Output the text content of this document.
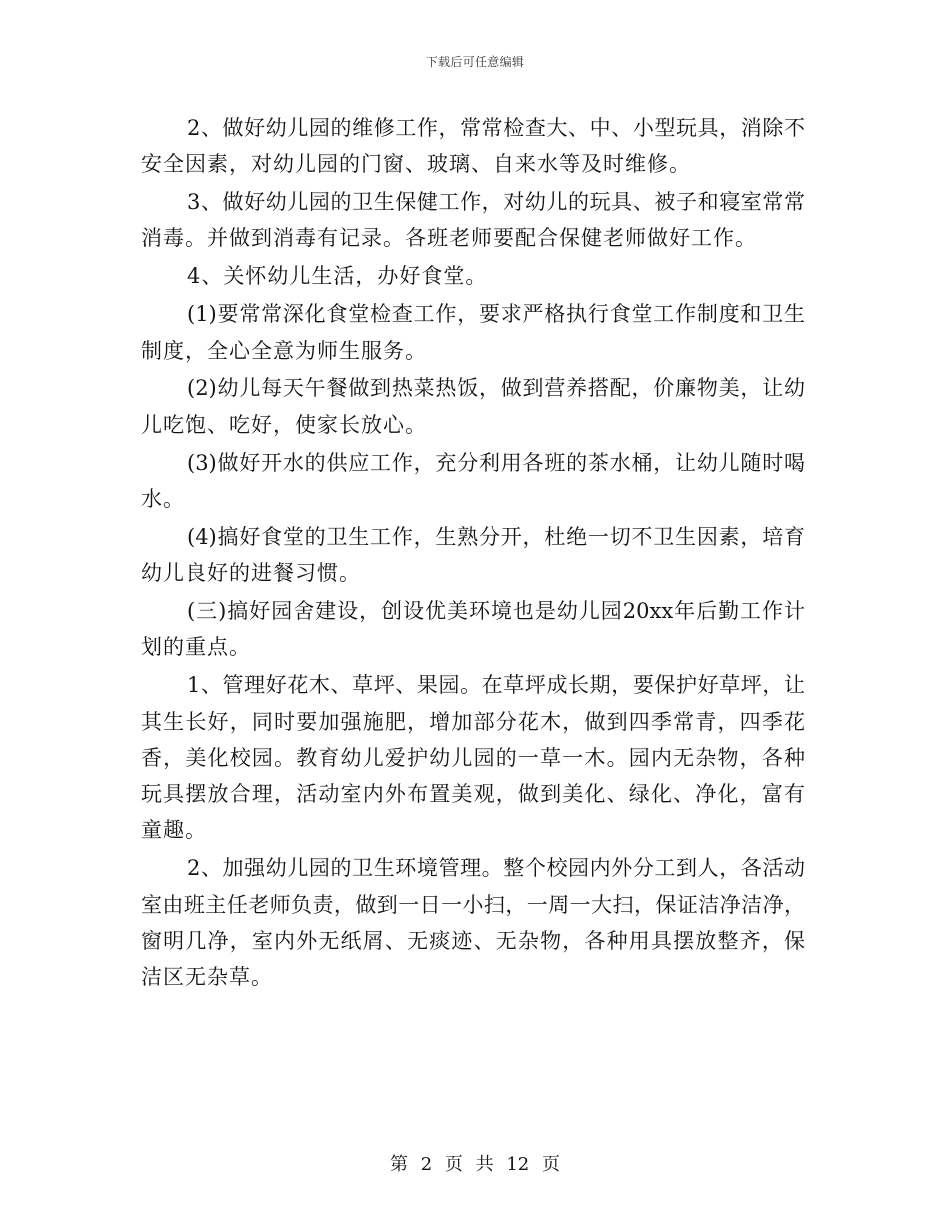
下载后可任意编辑
2、做好幼儿园的维修工作，常常检查大、中、小型玩具，消除不
安全因素，对幼儿园的门窗、玻璃、自来水等及时维修。
3、做好幼儿园的卫生保健工作，对幼儿的玩具、被子和寝室常常
消毒。并做到消毒有记录。各班老师要配合保健老师做好工作。
4、关怀幼儿生活，办好食堂。
(1)要常常深化食堂检查工作，要求严格执行食堂工作制度和卫生
制度，全心全意为师生服务。
(2)幼儿每天午餐做到热菜热饭，做到营养搭配，价廉物美，让幼
儿吃饱、吃好，使家长放心。
(3)做好开水的供应工作，充分利用各班的茶水桶，让幼儿随时喝
水。
(4)搞好食堂的卫生工作，生熟分开，杜绝一切不卫生因素，培育
幼儿良好的进餐习惯。
(三)搞好园舍建设，创设优美环境也是幼儿园20xx年后勤工作计
划的重点。
1、管理好花木、草坪、果园。在草坪成长期，要保护好草坪，让
其生长好，同时要加强施肥，增加部分花木，做到四季常青，四季花
香，美化校园。教育幼儿爱护幼儿园的一草一木。园内无杂物，各种
玩具摆放合理，活动室内外布置美观，做到美化、绿化、净化，富有
童趣。
2、加强幼儿园的卫生环境管理。整个校园内外分工到人，各活动
室由班主任老师负责，做到一日一小扫，一周一大扫，保证洁净洁净，
窗明几净，室内外无纸屑、无痰迹、无杂物，各种用具摆放整齐，保
洁区无杂草。
第 2 页 共 12 页
